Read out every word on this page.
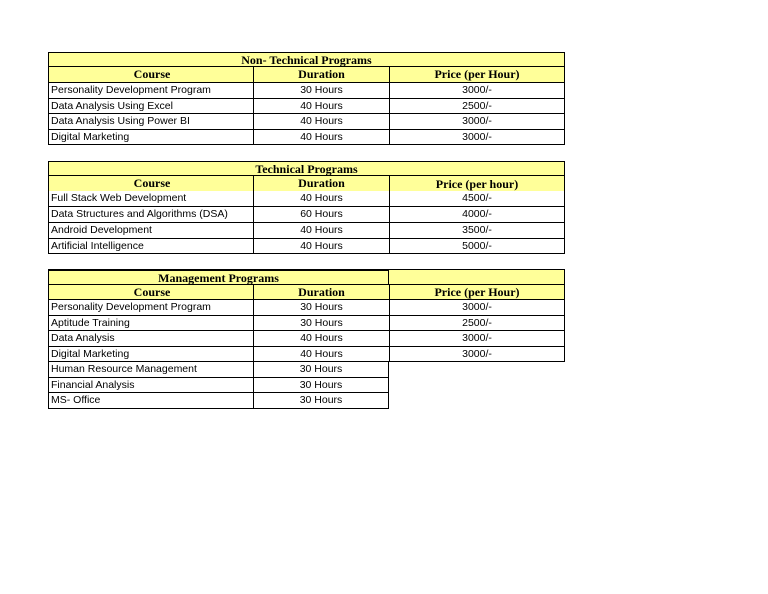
Non- Technical Programs
Course	Duration	Price (per Hour)
Personality Development Program	30 Hours	3000/-
Data Analysis Using Excel	40 Hours	2500/-
Data Analysis Using Power BI	40 Hours	3000/-
Digital Marketing	40 Hours	3000/-
Technical Programs
Course	Duration	Price (per hour)
Full Stack Web Development	40 Hours	4500/-
Data Structures and Algorithms (DSA)	60 Hours	4000/-
Android Development	40 Hours	3500/-
Artificial Intelligence	40 Hours	5000/-
Management Programs
Course	Duration	Price (per Hour)
Personality Development Program	30 Hours	3000/-
Aptitude Training	30 Hours	2500/-
Data Analysis	40 Hours	3000/-
Digital Marketing	40 Hours	3000/-
Human Resource Management	30 Hours
Financial Analysis	30 Hours
MS- Office	30 Hours
